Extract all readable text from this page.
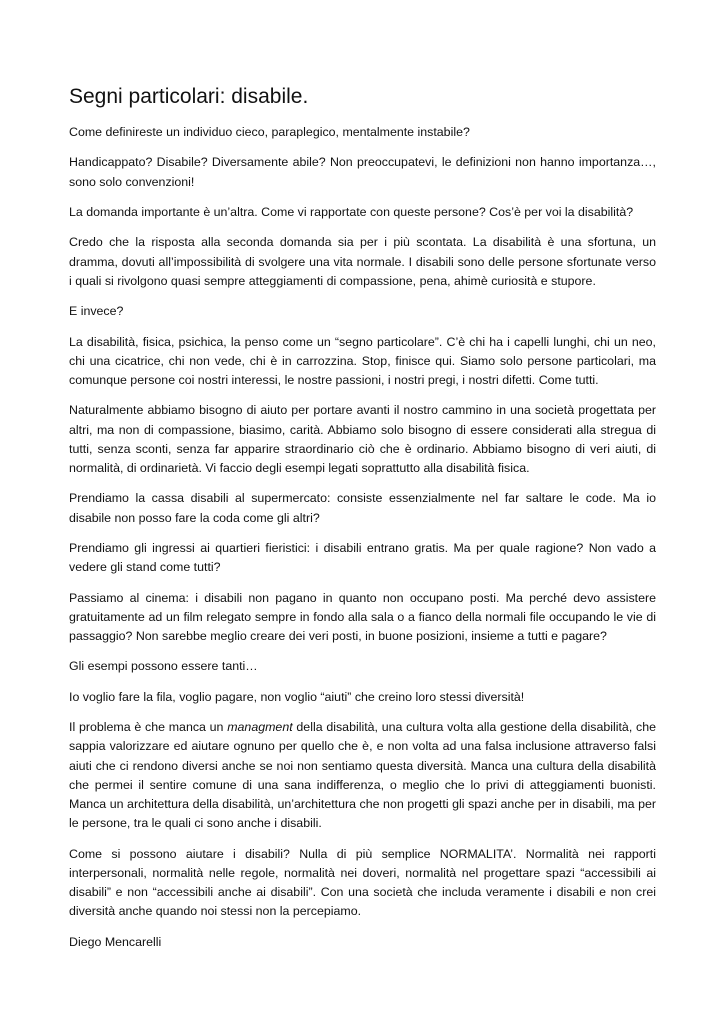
Segni particolari: disabile.

Come definireste un individuo cieco, paraplegico, mentalmente instabile?

Handicappato? Disabile? Diversamente abile? Non preoccupatevi, le definizioni non hanno importanza…, sono solo convenzioni!

La domanda importante è un’altra. Come vi rapportate con queste persone? Cos’è per voi la disabilità?

Credo che la risposta alla seconda domanda sia per i più scontata. La disabilità è una sfortuna, un dramma, dovuti all’impossibilità di svolgere una vita normale. I disabili sono delle persone sfortunate verso i quali si rivolgono quasi sempre atteggiamenti di compassione, pena, ahimè curiosità e stupore.

E invece?

La disabilità, fisica, psichica, la penso come un “segno particolare”. C’è chi ha i capelli lunghi, chi un neo, chi una cicatrice, chi non vede, chi è in carrozzina. Stop, finisce qui. Siamo solo persone particolari, ma comunque persone coi nostri interessi, le nostre passioni, i nostri pregi, i nostri difetti. Come tutti.

Naturalmente abbiamo bisogno di aiuto per portare avanti il nostro cammino in una società progettata per altri, ma non di compassione, biasimo, carità. Abbiamo solo bisogno di essere considerati alla stregua di tutti, senza sconti, senza far apparire straordinario ciò che è ordinario. Abbiamo bisogno di veri aiuti, di normalità, di ordinarietà. Vi faccio degli esempi legati soprattutto alla disabilità fisica.

Prendiamo la cassa disabili al supermercato: consiste essenzialmente nel far saltare le code. Ma io disabile non posso fare la coda come gli altri?

Prendiamo gli ingressi ai quartieri fieristici: i disabili entrano gratis. Ma per quale ragione? Non vado a vedere gli stand come tutti?

Passiamo al cinema: i disabili non pagano in quanto non occupano posti. Ma perché devo assistere gratuitamente ad un film relegato sempre in fondo alla sala o a fianco della normali file occupando le vie di passaggio? Non sarebbe meglio creare dei veri posti, in buone posizioni, insieme a tutti e pagare?

Gli esempi possono essere tanti…

Io voglio fare la fila, voglio pagare, non voglio “aiuti” che creino loro stessi diversità!

Il problema è che manca un managment della disabilità, una cultura volta alla gestione della disabilità, che sappia valorizzare ed aiutare ognuno per quello che è, e non volta ad una falsa inclusione attraverso falsi aiuti che ci rendono diversi anche se noi non sentiamo questa diversità. Manca una cultura della disabilità che permei il sentire comune di una sana indifferenza, o meglio che lo privi di atteggiamenti buonisti. Manca un architettura della disabilità, un’architettura che non progetti gli spazi anche per in disabili, ma per le persone, tra le quali ci sono anche i disabili.

Come si possono aiutare i disabili? Nulla di più semplice NORMALITA’. Normalità nei rapporti interpersonali, normalità nelle regole, normalità nei doveri, normalità nel progettare spazi “accessibili ai disabili” e non “accessibili anche ai disabili”. Con una società che includa veramente i disabili e non crei diversità anche quando noi stessi non la percepiamo.

Diego Mencarelli
